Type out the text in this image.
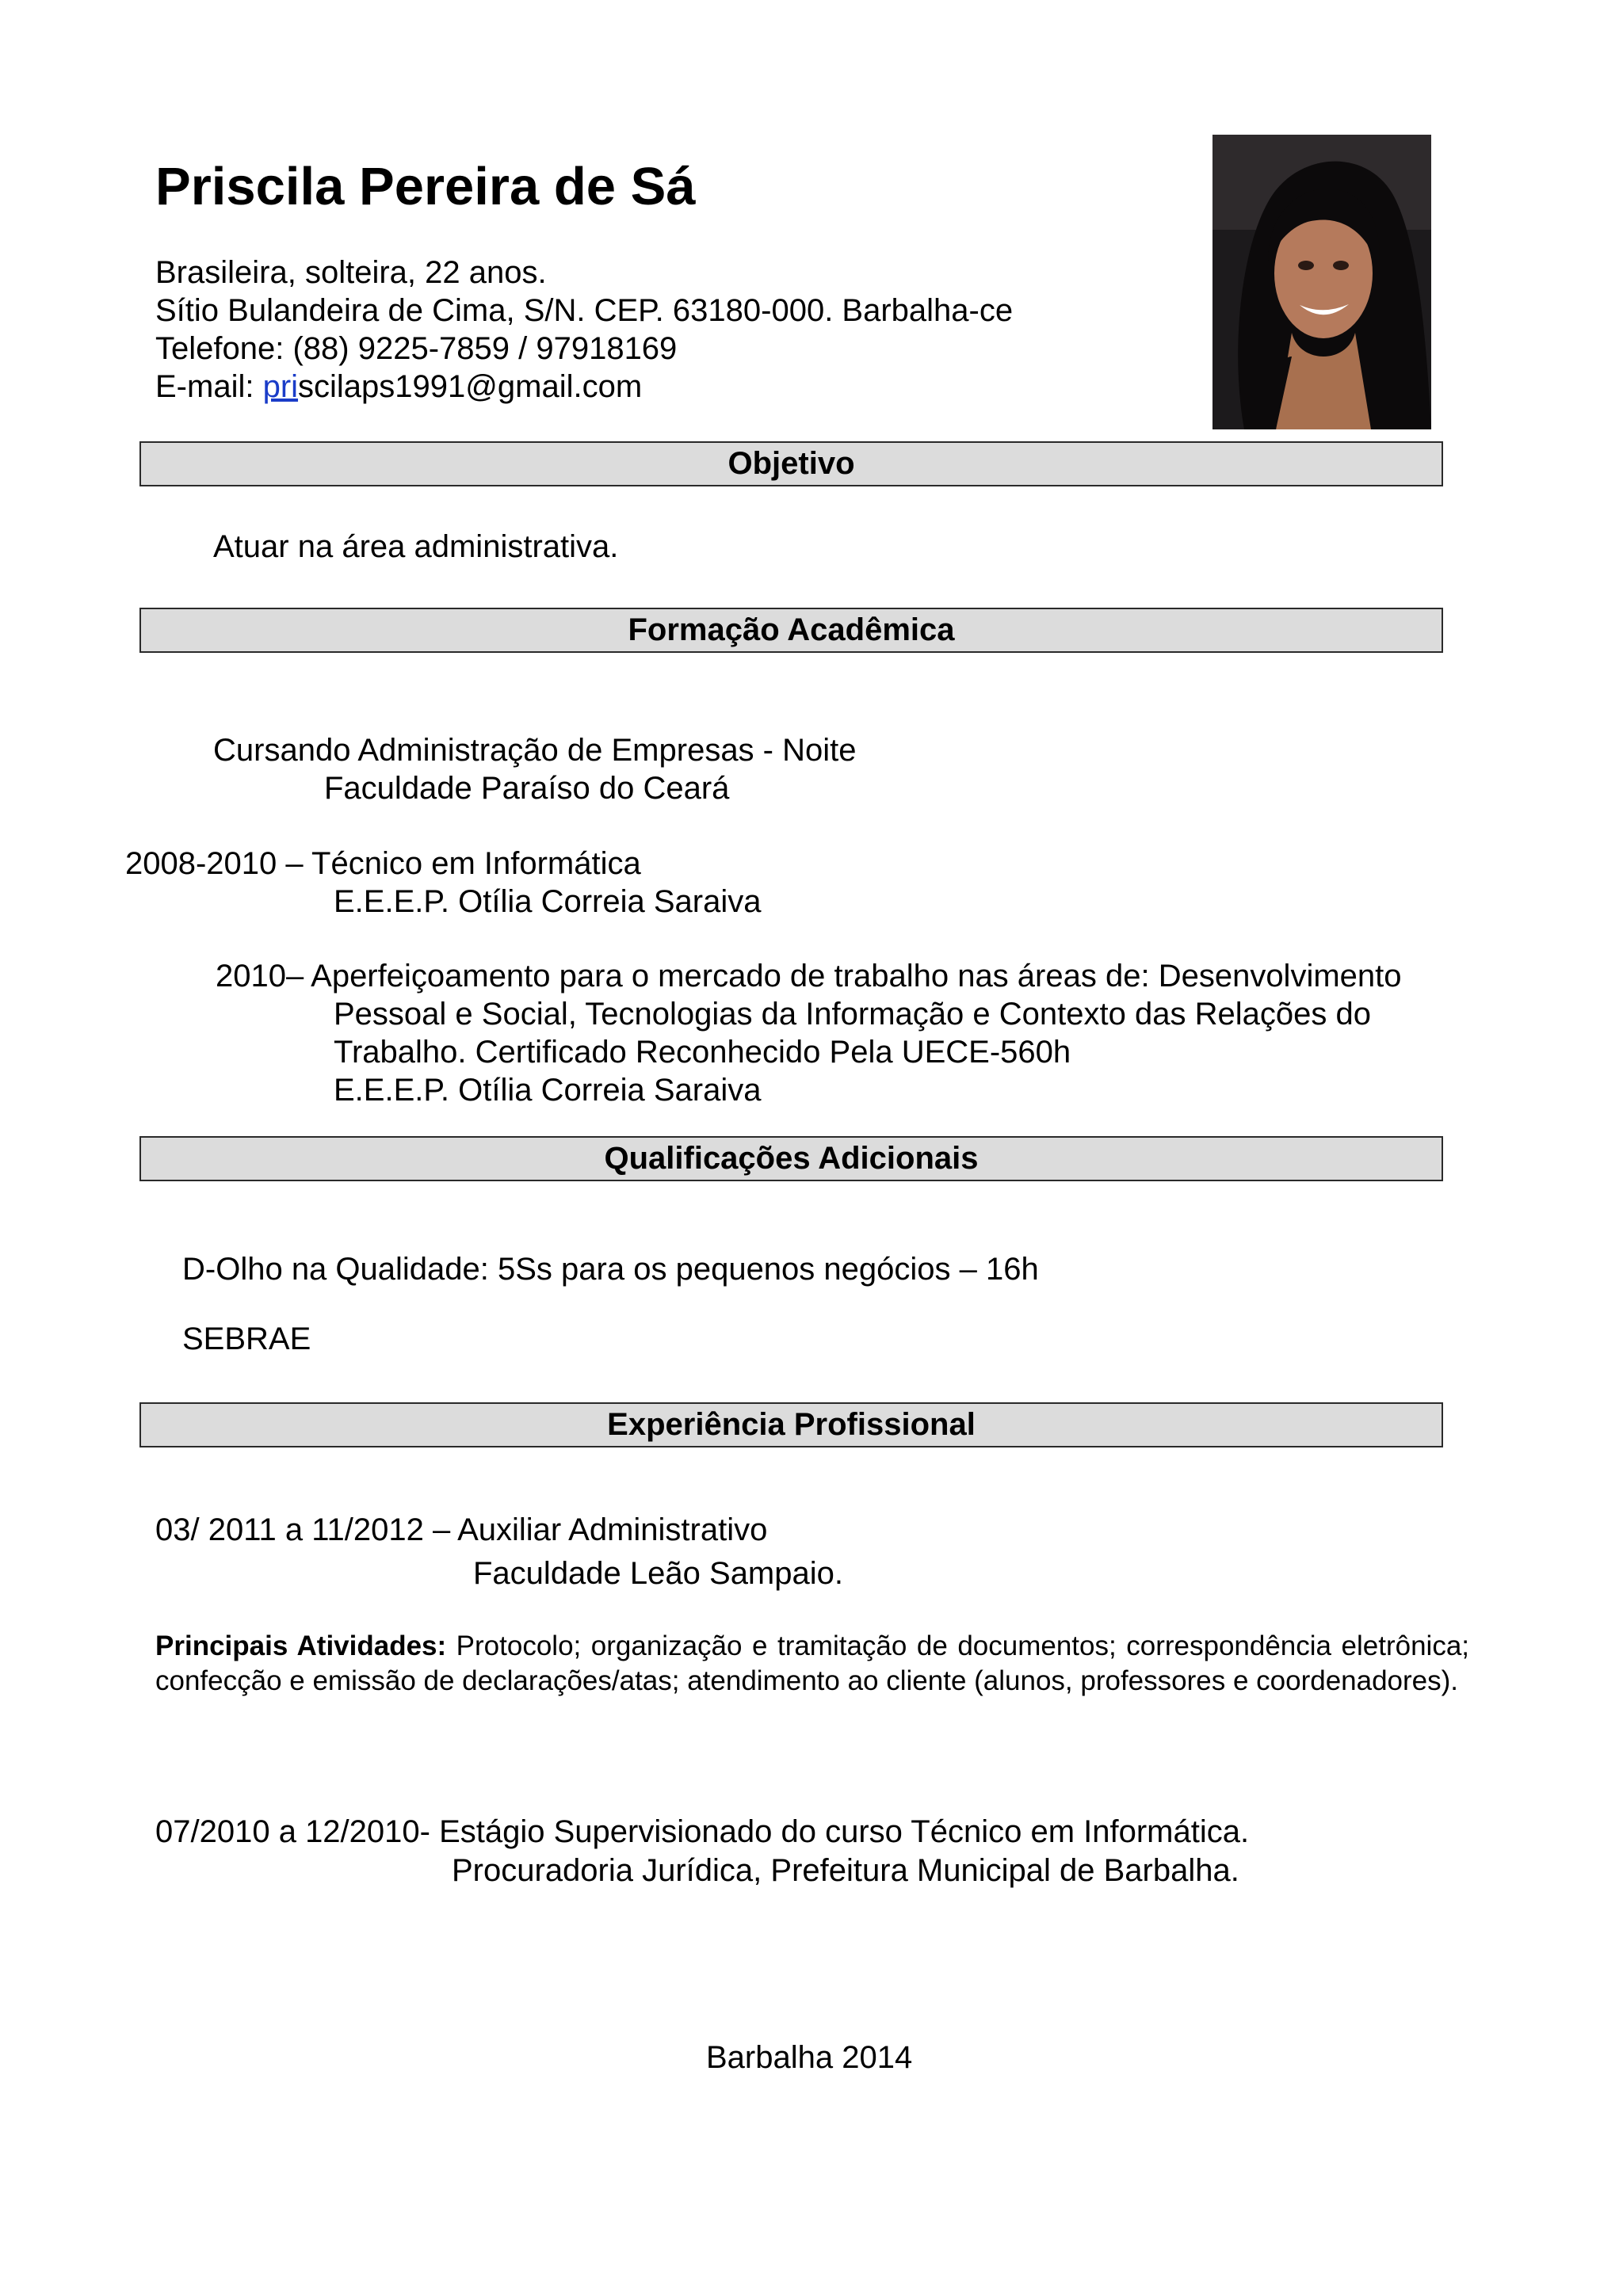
Priscila Pereira de Sá
Brasileira, solteira, 22 anos.
Sítio Bulandeira de Cima, S/N. CEP. 63180-000. Barbalha-ce
Telefone: (88) 9225-7859 / 97918169
E-mail: priscilaps1991@gmail.com
Objetivo
Atuar na área administrativa.
Formação Acadêmica
Cursando Administração de Empresas - Noite
Faculdade Paraíso do Ceará
2008-2010 – Técnico em Informática
E.E.E.P. Otília Correia Saraiva
2010– Aperfeiçoamento para o mercado de trabalho nas áreas de: Desenvolvimento
Pessoal e Social, Tecnologias da Informação e Contexto das Relações do
Trabalho. Certificado Reconhecido Pela UECE-560h
E.E.E.P. Otília Correia Saraiva
Qualificações Adicionais
D-Olho na Qualidade: 5Ss para os pequenos negócios – 16h
SEBRAE
Experiência Profissional
03/ 2011 a 11/2012 – Auxiliar Administrativo
Faculdade Leão Sampaio.
Principais Atividades: Protocolo; organização e tramitação de documentos; correspondência eletrônica; confecção e emissão de declarações/atas; atendimento ao cliente (alunos, professores e coordenadores).
07/2010 a 12/2010- Estágio Supervisionado do curso Técnico em Informática.
Procuradoria Jurídica, Prefeitura Municipal de Barbalha.
Barbalha 2014
